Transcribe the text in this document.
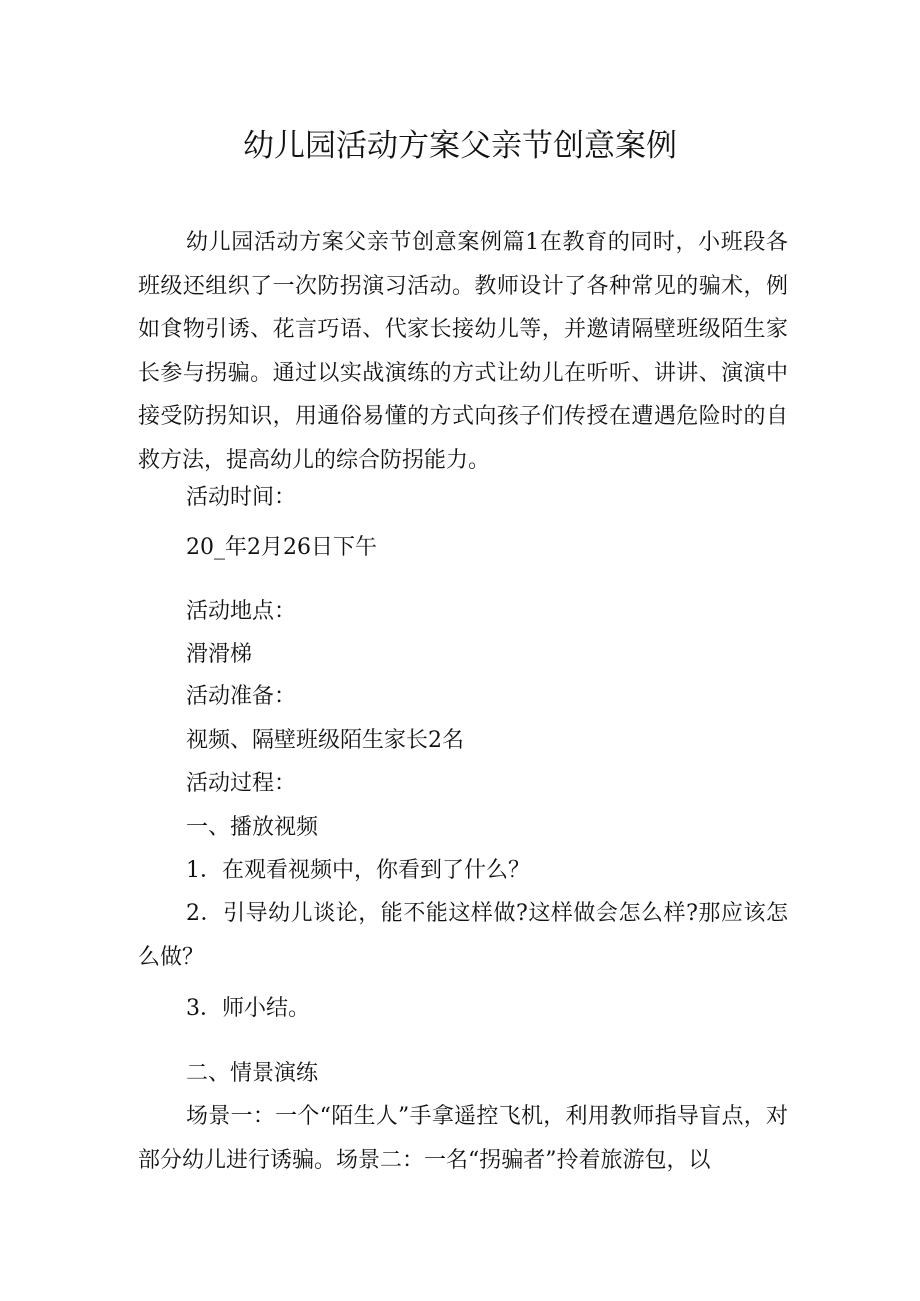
幼儿园活动方案父亲节创意案例

幼儿园活动方案父亲节创意案例篇1在教育的同时，小班段各班级还组织了一次防拐演习活动。教师设计了各种常见的骗术，例如食物引诱、花言巧语、代家长接幼儿等，并邀请隔壁班级陌生家长参与拐骗。通过以实战演练的方式让幼儿在听听、讲讲、演演中接受防拐知识，用通俗易懂的方式向孩子们传授在遭遇危险时的自救方法，提高幼儿的综合防拐能力。

活动时间：

20_年2月26日下午

活动地点：

滑滑梯

活动准备：

视频、隔壁班级陌生家长2名

活动过程：

一、播放视频

1．在观看视频中，你看到了什么？

2．引导幼儿谈论，能不能这样做?这样做会怎么样?那应该怎么做？

3．师小结。

二、情景演练

场景一：一个“陌生人”手拿遥控飞机，利用教师指导盲点，对部分幼儿进行诱骗。场景二：一名“拐骗者”拎着旅游包，以
